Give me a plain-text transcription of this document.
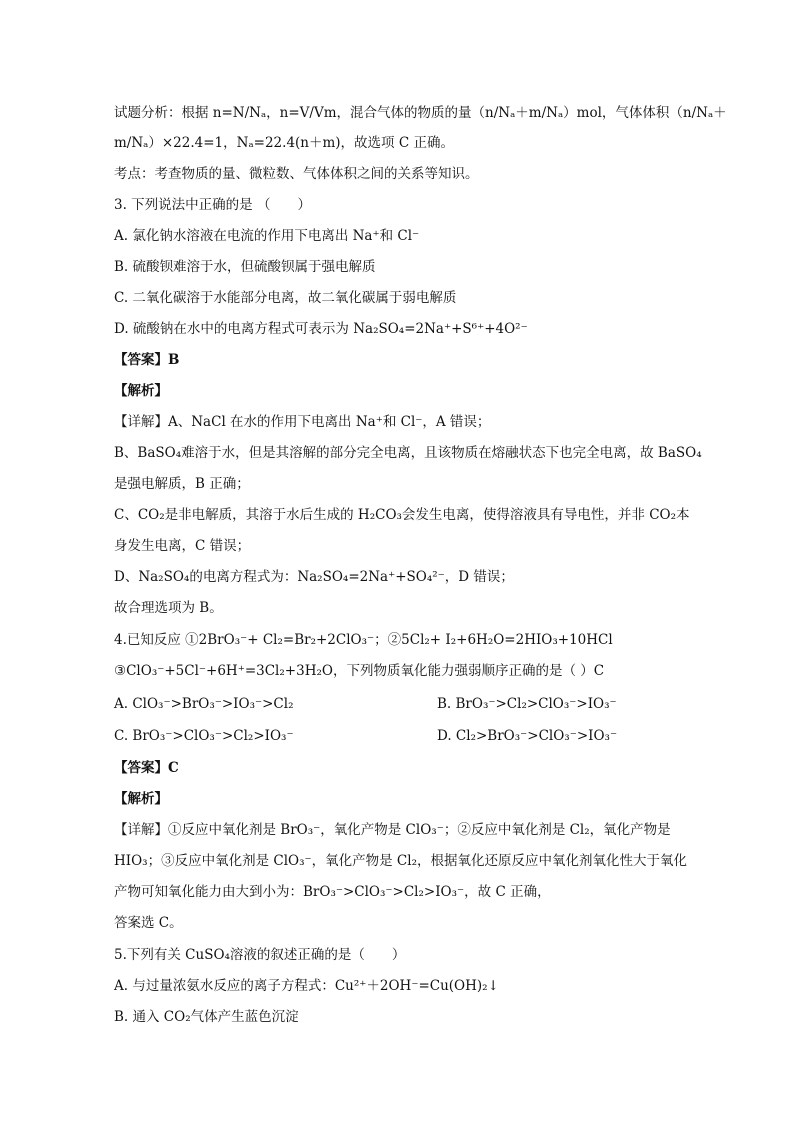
试题分析：根据 n=N/Nₐ，n=V/Vm，混合气体的物质的量（n/Nₐ＋m/Nₐ）mol，气体体积（n/Nₐ＋
m/Nₐ）×22.4=1，Nₐ=22.4(n＋m)，故选项 C 正确。
考点：考查物质的量、微粒数、气体体积之间的关系等知识。
3. 下列说法中正确的是 （　　）
A. 氯化钠水溶液在电流的作用下电离出 Na⁺和 Cl⁻
B. 硫酸钡难溶于水，但硫酸钡属于强电解质
C. 二氧化碳溶于水能部分电离，故二氧化碳属于弱电解质
D. 硫酸钠在水中的电离方程式可表示为 Na₂SO₄=2Na⁺+S⁶⁺+4O²⁻
【答案】B
【解析】
【详解】A、NaCl 在水的作用下电离出 Na⁺和 Cl⁻，A 错误；
B、BaSO₄难溶于水，但是其溶解的部分完全电离，且该物质在熔融状态下也完全电离，故 BaSO₄
是强电解质，B 正确；
C、CO₂是非电解质，其溶于水后生成的 H₂CO₃会发生电离，使得溶液具有导电性，并非 CO₂本
身发生电离，C 错误；
D、Na₂SO₄的电离方程式为：Na₂SO₄=2Na⁺+SO₄²⁻，D 错误；
故合理选项为 B。
4.已知反应 ①2BrO₃⁻+ Cl₂=Br₂+2ClO₃⁻；②5Cl₂+ I₂+6H₂O=2HIO₃+10HCl
③ClO₃⁻+5Cl⁻+6H⁺=3Cl₂+3H₂O，下列物质氧化能力强弱顺序正确的是（ ）C
A. ClO₃⁻>BrO₃⁻>IO₃⁻>Cl₂	B. BrO₃⁻>Cl₂>ClO₃⁻>IO₃⁻
C. BrO₃⁻>ClO₃⁻>Cl₂>IO₃⁻	D. Cl₂>BrO₃⁻>ClO₃⁻>IO₃⁻
【答案】C
【解析】
【详解】①反应中氧化剂是 BrO₃⁻，氧化产物是 ClO₃⁻；②反应中氧化剂是 Cl₂，氧化产物是
HIO₃；③反应中氧化剂是 ClO₃⁻，氧化产物是 Cl₂，根据氧化还原反应中氧化剂氧化性大于氧化
产物可知氧化能力由大到小为：BrO₃⁻>ClO₃⁻>Cl₂>IO₃⁻，故 C 正确，
答案选 C。
5.下列有关 CuSO₄溶液的叙述正确的是（　　）
A. 与过量浓氨水反应的离子方程式：Cu²⁺＋2OH⁻=Cu(OH)₂↓
B. 通入 CO₂气体产生蓝色沉淀
